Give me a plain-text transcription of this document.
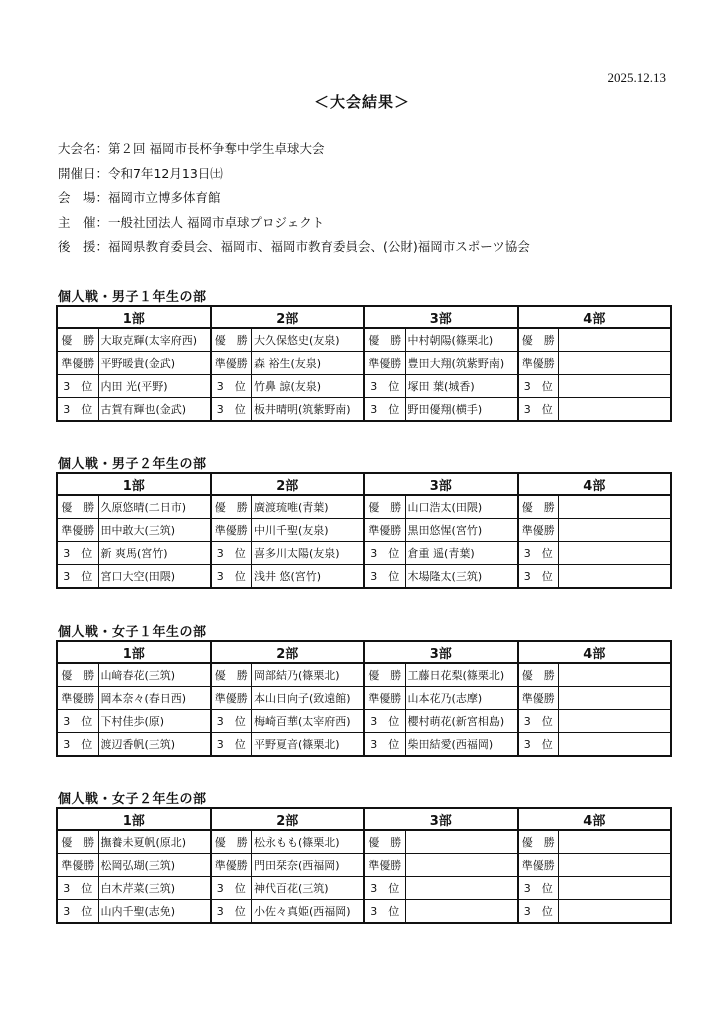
2025.12.13
＜大会結果＞
大会名：第２回 福岡市長杯争奪中学生卓球大会
開催日：令和7年12月13日㈯
会　場：福岡市立博多体育館
主　催：一般社団法人 福岡市卓球プロジェクト
後　援：福岡県教育委員会、福岡市、福岡市教育委員会、(公財)福岡市スポーツ協会
個人戦・男子１年生の部
1部		2部		3部		4部	
優　勝	大取克輝(太宰府西)	優　勝	大久保悠史(友泉)	優　勝	中村朝陽(篠栗北)	優　勝	
準優勝	平野暖貴(金武)	準優勝	森 裕生(友泉)	準優勝	豊田大翔(筑紫野南)	準優勝	
3　位	内田 光(平野)	3　位	竹鼻 諒(友泉)	3　位	塚田 葉(城香)	3　位	
3　位	古賀有輝也(金武)	3　位	板井晴明(筑紫野南)	3　位	野田優翔(横手)	3　位	
個人戦・男子２年生の部
1部		2部		3部		4部	
優　勝	久原悠晴(二日市)	優　勝	廣渡琉唯(青葉)	優　勝	山口浩太(田隈)	優　勝	
準優勝	田中敢大(三筑)	準優勝	中川千聖(友泉)	準優勝	黒田悠惺(宮竹)	準優勝	
3　位	新 爽馬(宮竹)	3　位	喜多川太陽(友泉)	3　位	倉重 遥(青葉)	3　位	
3　位	宮口大空(田隈)	3　位	浅井 悠(宮竹)	3　位	木場隆太(三筑)	3　位	
個人戦・女子１年生の部
1部		2部		3部		4部	
優　勝	山﨑春花(三筑)	優　勝	岡部結乃(篠栗北)	優　勝	工藤日花梨(篠栗北)	優　勝	
準優勝	岡本奈々(春日西)	準優勝	本山日向子(致遠館)	準優勝	山本花乃(志摩)	準優勝	
3　位	下村佳歩(原)	3　位	梅崎百華(太宰府西)	3　位	櫻村萌花(新宮相島)	3　位	
3　位	渡辺香帆(三筑)	3　位	平野夏音(篠栗北)	3　位	柴田結愛(西福岡)	3　位	
個人戦・女子２年生の部
1部		2部		3部		4部	
優　勝	撫養未夏帆(原北)	優　勝	松永もも(篠栗北)	優　勝		優　勝	
準優勝	松岡弘瑚(三筑)	準優勝	門田栞奈(西福岡)	準優勝		準優勝	
3　位	白木芹菜(三筑)	3　位	神代百花(三筑)	3　位		3　位	
3　位	山内千聖(志免)	3　位	小佐々真姫(西福岡)	3　位		3　位	
